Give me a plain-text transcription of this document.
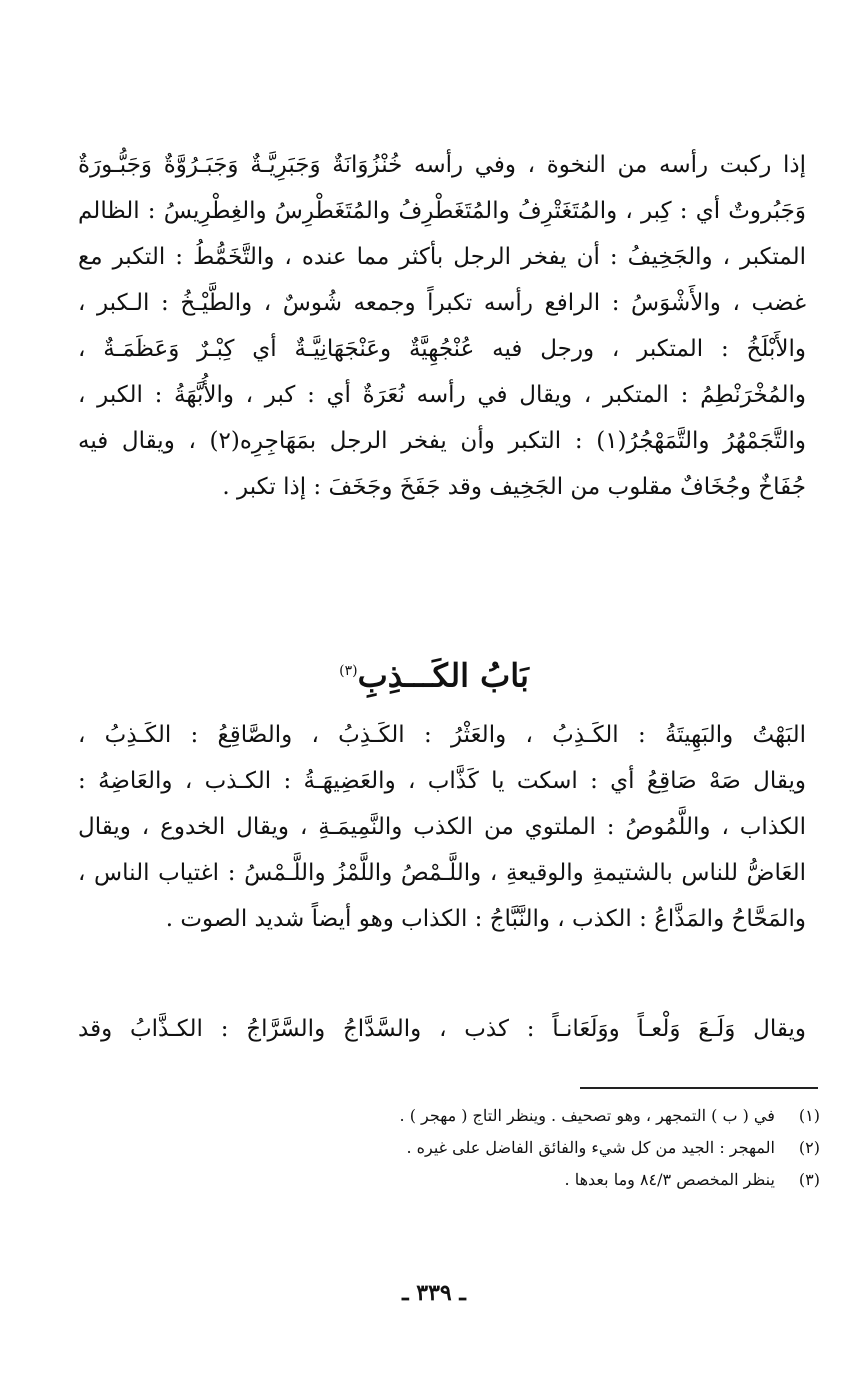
إذا ركبت رأسه من النخوة ، وفي رأسه خُنْزُوَانَةٌ وَجَبَرِيَّـةٌ وَجَبَـرُوَّةٌ وَجَبُّـورَةٌ
وَجَبُروتٌ أي : كِبر ، والمُتَغَتْرِفُ والمُتَغَطْرِفُ والمُتَغَطْرِسُ والغِطْرِيسُ : الظالم
المتكبر ، والجَخِيفُ : أن يفخر الرجل بأكثر مما عنده ، والتَّخَمُّطُ : التكبر مع
غضب ، والأَشْوَسُ : الرافع رأسه تكبراً وجمعه شُوسٌ ، والطَّيْـخُ : الـكبر ،
والأَبْلَخُ : المتكبر ، ورجل فيه عُنْجُهِيَّةٌ وعَنْجَهَانِيَّـةٌ أي كِبْـرٌ وَعَظَمَـةٌ ،
والمُخْرَنْطِمُ : المتكبر ، ويقال في رأسه نُعَرَةٌ أي : كبر ، والأُبَّهَةُ : الكبر ،
والتَّجَمْهُرُ والتَّمَهْجُرُ(١) : التكبر وأن يفخر الرجل بمَهَاجِرِه(٢) ، ويقال فيه
جُفَاخٌ وجُخَافٌ مقلوب من الجَخِيف وقد جَفَخَ وجَخَفَ : إذا تكبر .
بَابُ الكَـــذِبِ$^{(٣)}$
البَهْتُ والبَهِيتَةُ : الكَـذِبُ ، والعَثْرُ : الكَـذِبُ ، والصَّاقِعُ : الكَـذِبُ ،
ويقال صَهْ صَاقِعُ أي : اسكت يا كَذَّاب ، والعَضِيهَـةُ : الكـذب ، والعَاضِهُ :
الكذاب ، واللَّمُوصُ : الملتوي من الكذب والنَّمِيمَـةِ ، ويقال الخدوع ، ويقال
العَاضُّ للناس بالشتيمةِ والوقيعةِ ، واللَّـمْصُ واللَّمْزُ واللَّـمْسُ : اغتياب الناس ،
والمَحَّاحُ والمَذَّاعُ : الكذب ، والنَّبَّاجُ : الكذاب وهو أيضاً شديد الصوت .
ويقال وَلَـعَ وَلْعـاً ووَلَعَانـاً : كذب ، والسَّدَّاجُ والسَّرَّاجُ : الكـذَّابُ وقد
(١) في ( ب ) التمجهر ، وهو تصحيف . وينظر التاج ( مهجر ) .
(٢) المهجر : الجيد من كل شيء والفائق الفاضل على غيره .
(٣) ينظر المخصص ٨٤/٣ وما بعدها .
ـ ٣٣٩ ـ
